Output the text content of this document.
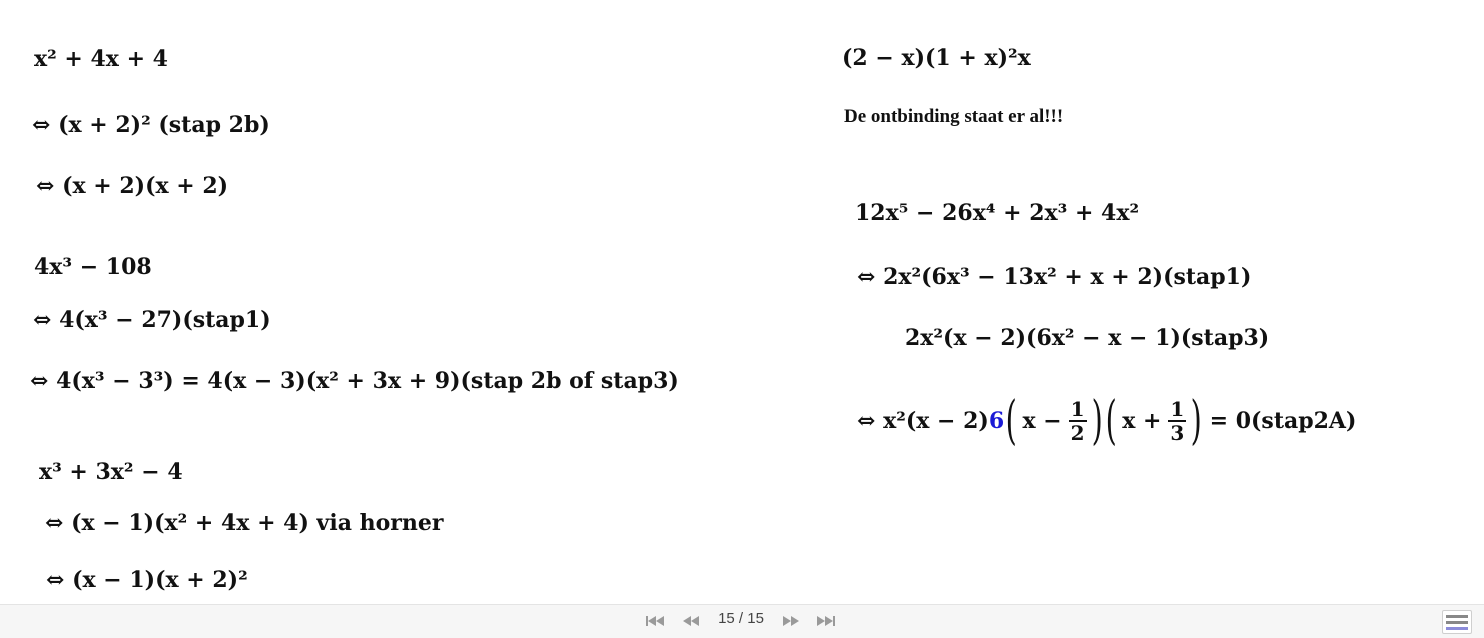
x² + 4x + 4
⇔ (x + 2)² (stap 2b)
⇔ (x + 2)(x + 2)
4x³ − 108
⇔ 4(x³ − 27)(stap1)
⇔ 4(x³ − 3³) = 4(x − 3)(x² + 3x + 9)(stap 2b of stap3)
x³ + 3x² − 4
⇔ (x − 1)(x² + 4x + 4) via horner
⇔ (x − 1)(x + 2)²
(2 − x)(1 + x)²x
De ontbinding staat er al!!!
12x⁵ − 26x⁴ + 2x³ + 4x²
⇔ 2x²(6x³ − 13x² + x + 2)(stap1)
2x²(x − 2)(6x² − x − 1)(stap3)
⇔ x²(x − 2) 6 ( $x - \frac{1}{2}$ ) ( $x + \frac{1}{3}$ ) = 0(stap2A)
15 / 15
